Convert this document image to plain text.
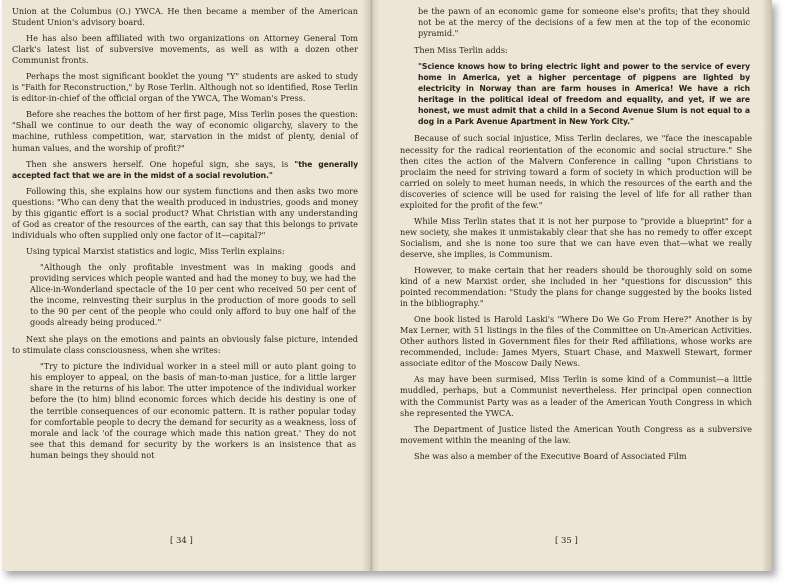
Union at the Columbus (O.) YWCA. He then became a member of the American Student Union's advisory board.

He has also been affiliated with two organizations on Attorney General Tom Clark's latest list of subversive movements, as well as with a dozen other Communist fronts.

Perhaps the most significant booklet the young "Y" students are asked to study is "Faith for Reconstruction," by Rose Terlin. Although not so identified, Rose Terlin is editor-in-chief of the official organ of the YWCA, The Woman's Press.

Before she reaches the bottom of her first page, Miss Terlin poses the question: "Shall we continue to our death the way of economic oligarchy, slavery to the machine, ruthless competition, war, starvation in the midst of plenty, denial of human values, and the worship of profit?"

Then she answers herself. One hopeful sign, she says, is "the generally accepted fact that we are in the midst of a social revolution."

Following this, she explains how our system functions and then asks two more questions: "Who can deny that the wealth produced in industries, goods and money by this gigantic effort is a social product? What Christian with any understanding of God as creator of the resources of the earth, can say that this belongs to private individuals who often supplied only one factor of it—capital?"

Using typical Marxist statistics and logic, Miss Terlin explains:

"Although the only profitable investment was in making goods and providing services which people wanted and had the money to buy, we had the Alice-in-Wonderland spectacle of the 10 per cent who received 50 per cent of the income, reinvesting their surplus in the production of more goods to sell to the 90 per cent of the people who could only afford to buy one half of the goods already being produced."

Next she plays on the emotions and paints an obviously false picture, intended to stimulate class consciousness, when she writes:

"Try to picture the individual worker in a steel mill or auto plant going to his employer to appeal, on the basis of man-to-man justice, for a little larger share in the returns of his labor. The utter impotence of the individual worker before the (to him) blind economic forces which decide his destiny is one of the terrible consequences of our economic pattern. It is rather popular today for comfortable people to decry the demand for security as a weakness, loss of morale and lack 'of the courage which made this nation great.' They do not see that this demand for security by the workers is an insistence that as human beings they should not
[ 34 ]
be the pawn of an economic game for someone else's profits; that they should not be at the mercy of the decisions of a few men at the top of the economic pyramid."

Then Miss Terlin adds:

"Science knows how to bring electric light and power to the service of every home in America, yet a higher percentage of pigpens are lighted by electricity in Norway than are farm houses in America! We have a rich heritage in the political ideal of freedom and equality, and yet, if we are honest, we must admit that a child in a Second Avenue Slum is not equal to a dog in a Park Avenue Apartment in New York City."

Because of such social injustice, Miss Terlin declares, we "face the inescapable necessity for the radical reorientation of the economic and social structure." She then cites the action of the Malvern Conference in calling "upon Christians to proclaim the need for striving toward a form of society in which production will be carried on solely to meet human needs, in which the resources of the earth and the discoveries of science will be used for raising the level of life for all rather than exploited for the profit of the few."

While Miss Terlin states that it is not her purpose to "provide a blueprint" for a new society, she makes it unmistakably clear that she has no remedy to offer except Socialism, and she is none too sure that we can have even that—what we really deserve, she implies, is Communism.

However, to make certain that her readers should be thoroughly sold on some kind of a new Marxist order, she included in her "questions for discussion" this pointed recommendation: "Study the plans for change suggested by the books listed in the bibliography."

One book listed is Harold Laski's "Where Do We Go From Here?" Another is by Max Lerner, with 51 listings in the files of the Committee on Un-American Activities. Other authors listed in Government files for their Red affiliations, whose works are recommended, include: James Myers, Stuart Chase, and Maxwell Stewart, former associate editor of the Moscow Daily News.

As may have been surmised, Miss Terlin is some kind of a Communist—a little muddled, perhaps, but a Communist nevertheless. Her principal open connection with the Communist Party was as a leader of the American Youth Congress in which she represented the YWCA.

The Department of Justice listed the American Youth Congress as a subversive movement within the meaning of the law.

She was also a member of the Executive Board of Associated Film

[ 35 ]
